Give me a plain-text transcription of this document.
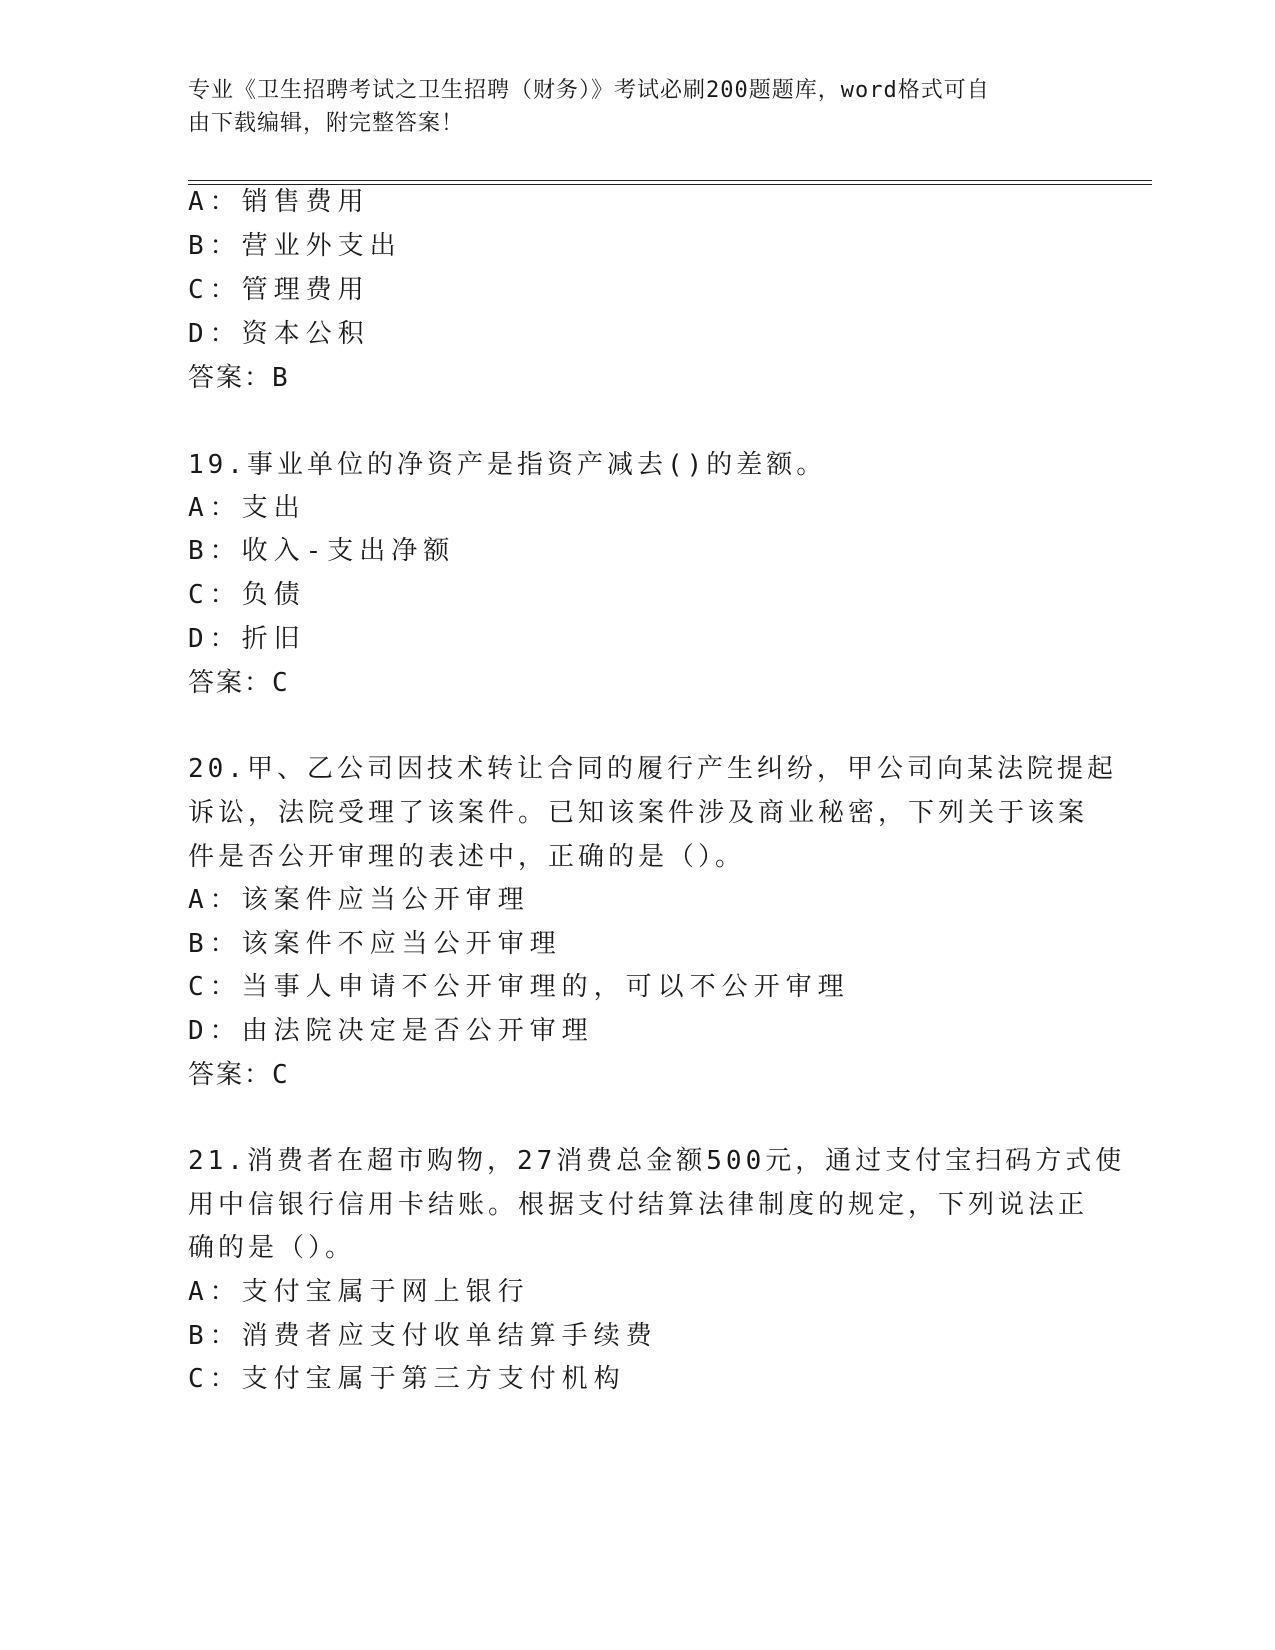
专业《卫生招聘考试之卫生招聘（财务）》考试必刷200题题库，word格式可自
由下载编辑，附完整答案！
A：销售费用
B：营业外支出
C：管理费用
D：资本公积
答案：B
19.事业单位的净资产是指资产减去()的差额。
A：支出
B：收入-支出净额
C：负债
D：折旧
答案：C
20.甲、乙公司因技术转让合同的履行产生纠纷，甲公司向某法院提起
诉讼，法院受理了该案件。已知该案件涉及商业秘密，下列关于该案
件是否公开审理的表述中，正确的是（）。
A：该案件应当公开审理
B：该案件不应当公开审理
C：当事人申请不公开审理的，可以不公开审理
D：由法院决定是否公开审理
答案：C
21.消费者在超市购物，27消费总金额500元，通过支付宝扫码方式使
用中信银行信用卡结账。根据支付结算法律制度的规定，下列说法正
确的是（）。
A：支付宝属于网上银行
B：消费者应支付收单结算手续费
C：支付宝属于第三方支付机构
